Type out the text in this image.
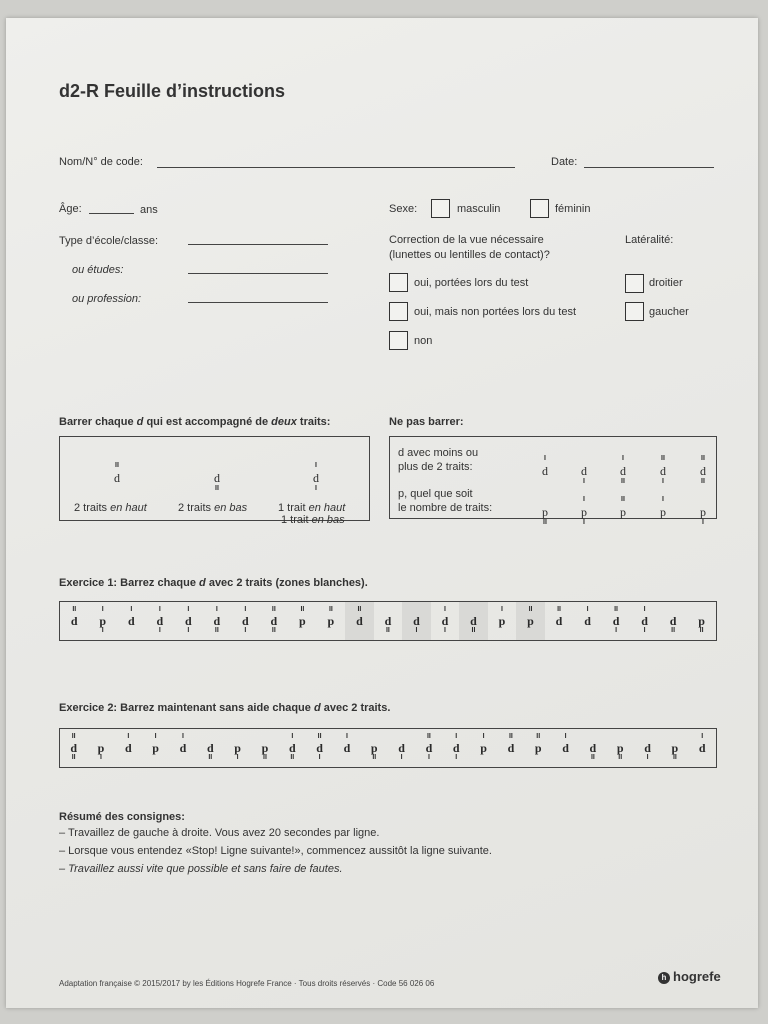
d2-R Feuille d’instructions
Nom/N° de code:	Date:
Âge:	ans	Sexe:	masculin	féminin
Type d’école/classe:
ou études:
ou profession:
Correction de la vue nécessaire
(lunettes ou lentilles de contact)?
Latéralité:
oui, portées lors du test
oui, mais non portées lors du test
non
droitier
gaucher
Barrer chaque d qui est accompagné de deux traits:
d
II
2 traits en haut
d
II
2 traits en bas
d
I
I
1 trait en haut
1 trait en bas
Ne pas barrer:
d avec moins ou
plus de 2 traits:	d
I
d
I
d
I
II
d
II
I
d
II
II
p, quel que soit
le nombre de traits:	p
II
p
I
I
p
II
p
I
p
I
Exercice 1: Barrez chaque d avec 2 traits (zones blanches).
II
d
I
p
I
I
d
I
d
I
I
d
I
I
d
II
I
d
I
II
d
II
II
p
II
p
II
d	d
II
d
I
I
d
I
d
II
I
p
II
p
II
d
I
d
II
d
I
I
d
I
d
II
p
II
Exercice 2: Barrez maintenant sans aide chaque d avec 2 traits.
II
d
II
p
I
I
d
I
p
I
d	d
II
p
I
p
II
I
d
II
II
d
I
I
d	p
II
d
I
II
d
I
I
d
I
I
p
II
d
II
p
I
d	d
II
p
II
d
I
p
II
I
d
Résumé des consignes:
– Travaillez de gauche à droite. Vous avez 20 secondes par ligne.
– Lorsque vous entendez «Stop! Ligne suivante!», commencez aussitôt la ligne suivante.
– Travaillez aussi vite que possible et sans faire de fautes.
Adaptation française © 2015/2017 by les Éditions Hogrefe France · Tous droits réservés · Code 56 026 06
h hogrefe
